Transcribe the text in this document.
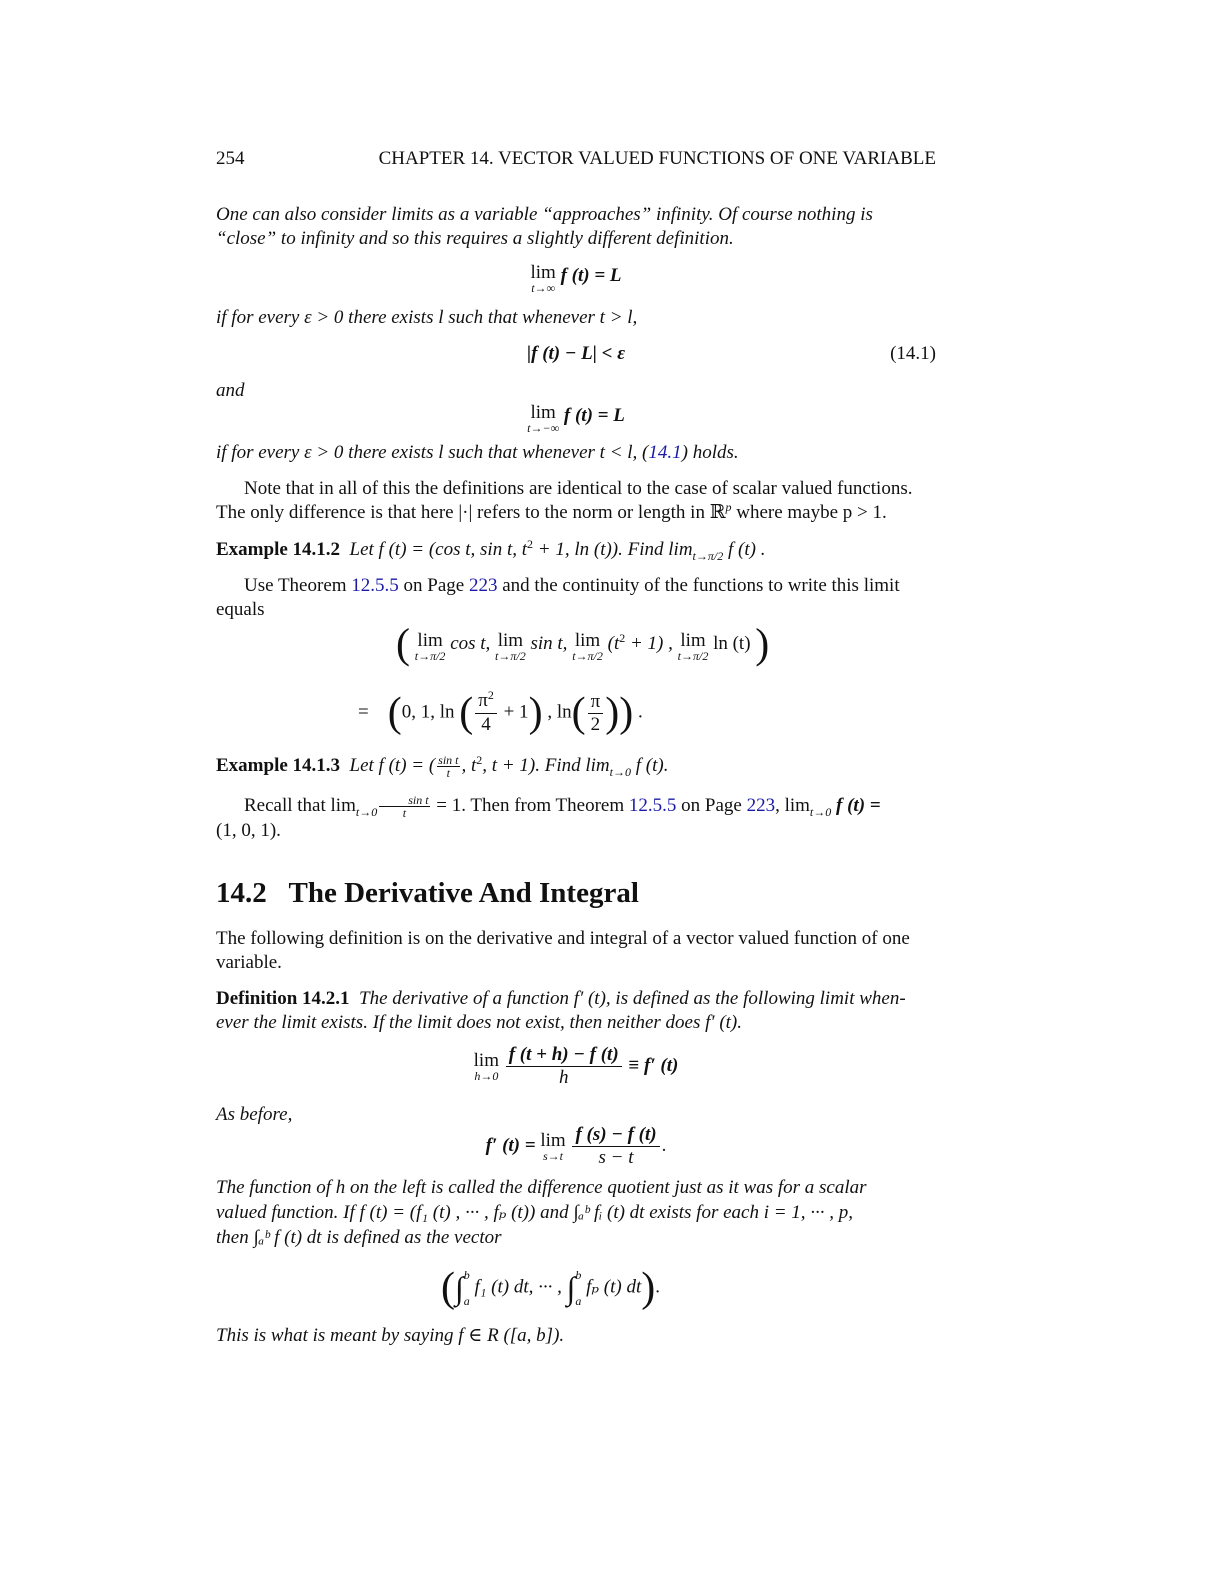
254	CHAPTER 14. VECTOR VALUED FUNCTIONS OF ONE VARIABLE
One can also consider limits as a variable “approaches” infinity. Of course nothing is
“close” to infinity and so this requires a slightly different definition.
lim
t→∞
f (t) = L
if for every ε > 0 there exists l such that whenever t > l,
|f (t) − L| < ε	(14.1)
and
lim
t→−∞
f (t) = L
if for every ε > 0 there exists l such that whenever t < l, (14.1) holds.
Note that in all of this the definitions are identical to the case of scalar valued functions.
The only difference is that here |·| refers to the norm or length in ℝ$^p$ where maybe p > 1.
Example 14.1.2 Let f (t) = (cos t, sin t, $t^2 + 1$, ln (t)). Find $\lim_{t\to\pi/2} f$ (t) .
Use Theorem 12.5.5 on Page 223 and the continuity of the functions to write this limit
equals
( lim
t→π/2
cos t, lim
t→π/2
sin t, lim
t→π/2
$(t^2 + 1)$ , lim
t→π/2
ln (t) )
= (0, 1, ln ( $\frac{\pi^2}{4} + 1$) , $\ln( \frac{\pi}{2}$ )) .
Example 14.1.3 Let f (t) = ( $\frac{\text{sin t}}{t}$ , $t^2$, t + 1). Find $\lim_{t\to 0} f$ (t).
Recall that $\lim_{t\to 0} \frac{\text{sin t}}{t} = 1$. Then from Theorem 12.5.5 on Page 223, $\lim_{t\to 0} f$ (t) =
(1, 0, 1).
14.2 The Derivative And Integral
The following definition is on the derivative and integral of a vector valued function of one
variable.
Definition 14.2.1 The derivative of a function f′ (t), is defined as the following limit when-
ever the limit exists. If the limit does not exist, then neither does f′ (t).
lim
h→0
$\frac{f (t + h) - f (t)}{h} \equiv f'$ (t)
As before,
f′ (t) = lim
s→t
$\frac{f (s) - f (t)}{s - t}$ .
The function of h on the left is called the difference quotient just as it was for a scalar
valued function. If f (t) = (f₁ (t) , ··· , fₚ (t)) and ∫ₐᵇ fᵢ (t) dt exists for each i = 1, ··· , p,
then ∫ₐᵇ f (t) dt is defined as the vector
(∫ b
a
f₁ (t) dt, ··· , ∫ b
a
fₚ (t) dt).
This is what is meant by saying f ∈ R ([a, b]).
